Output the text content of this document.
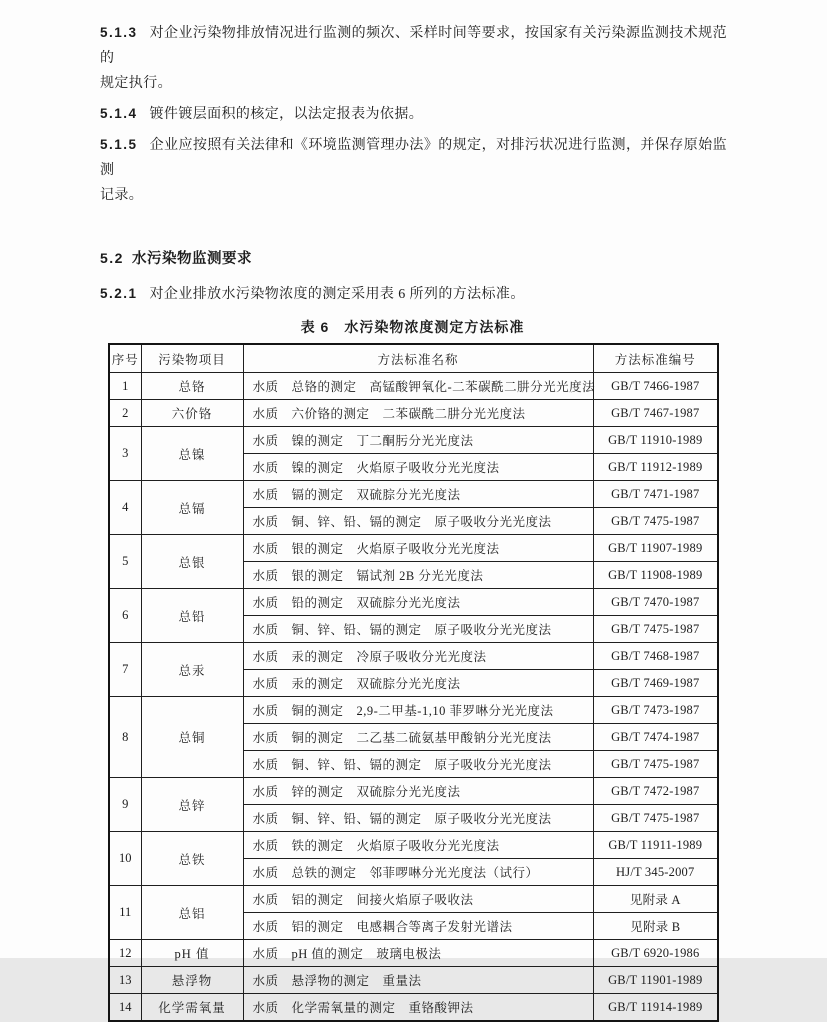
5.1.3 对企业污染物排放情况进行监测的频次、采样时间等要求，按国家有关污染源监测技术规范的
规定执行。
5.1.4 镀件镀层面积的核定，以法定报表为依据。
5.1.5 企业应按照有关法律和《环境监测管理办法》的规定，对排污状况进行监测，并保存原始监测
记录。
5.2 水污染物监测要求
5.2.1 对企业排放水污染物浓度的测定采用表 6 所列的方法标准。
表 6　水污染物浓度测定方法标准
序号	污染物项目	方法标准名称	方法标准编号
1	总铬	水质　总铬的测定　高锰酸钾氧化-二苯碳酰二肼分光光度法	GB/T 7466-1987
2	六价铬	水质　六价铬的测定　二苯碳酰二肼分光光度法	GB/T 7467-1987
3	总镍	水质　镍的测定　丁二酮肟分光光度法	GB/T 11910-1989
		水质　镍的测定　火焰原子吸收分光光度法	GB/T 11912-1989
4	总镉	水质　镉的测定　双硫腙分光光度法	GB/T 7471-1987
		水质　铜、锌、铅、镉的测定　原子吸收分光光度法	GB/T 7475-1987
5	总银	水质　银的测定　火焰原子吸收分光光度法	GB/T 11907-1989
		水质　银的测定　镉试剂 2B 分光光度法	GB/T 11908-1989
6	总铅	水质　铅的测定　双硫腙分光光度法	GB/T 7470-1987
		水质　铜、锌、铅、镉的测定　原子吸收分光光度法	GB/T 7475-1987
7	总汞	水质　汞的测定　冷原子吸收分光光度法	GB/T 7468-1987
		水质　汞的测定　双硫腙分光光度法	GB/T 7469-1987
8	总铜	水质　铜的测定　2,9-二甲基-1,10 菲罗啉分光光度法	GB/T 7473-1987
		水质　铜的测定　二乙基二硫氨基甲酸钠分光光度法	GB/T 7474-1987
		水质　铜、锌、铅、镉的测定　原子吸收分光光度法	GB/T 7475-1987
9	总锌	水质　锌的测定　双硫腙分光光度法	GB/T 7472-1987
		水质　铜、锌、铅、镉的测定　原子吸收分光光度法	GB/T 7475-1987
10	总铁	水质　铁的测定　火焰原子吸收分光光度法	GB/T 11911-1989
		水质　总铁的测定　邻菲啰啉分光光度法（试行）	HJ/T 345-2007
11	总铝	水质　铝的测定　间接火焰原子吸收法	见附录 A
		水质　铝的测定　电感耦合等离子发射光谱法	见附录 B
12	pH 值	水质　pH 值的测定　玻璃电极法	GB/T 6920-1986
13	悬浮物	水质　悬浮物的测定　重量法	GB/T 11901-1989
14	化学需氧量	水质　化学需氧量的测定　重铬酸钾法	GB/T 11914-1989
